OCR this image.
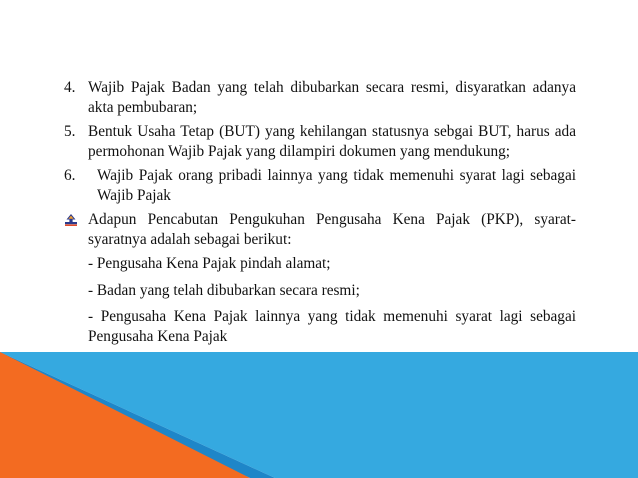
4. Wajib Pajak Badan yang telah dibubarkan secara resmi, disyaratkan adanya akta pembubaran;
5. Bentuk Usaha Tetap (BUT) yang kehilangan statusnya sebgai BUT, harus ada permohonan Wajib Pajak yang dilampiri dokumen yang mendukung;
6.	Wajib Pajak orang pribadi lainnya yang tidak memenuhi syarat lagi sebagai Wajib Pajak
Adapun Pencabutan Pengukuhan Pengusaha Kena Pajak (PKP), syarat-syaratnya adalah sebagai berikut:
- Pengusaha Kena Pajak pindah alamat;
- Badan yang telah dibubarkan secara resmi;
- Pengusaha Kena Pajak lainnya yang tidak memenuhi syarat lagi sebagai Pengusaha Kena Pajak
